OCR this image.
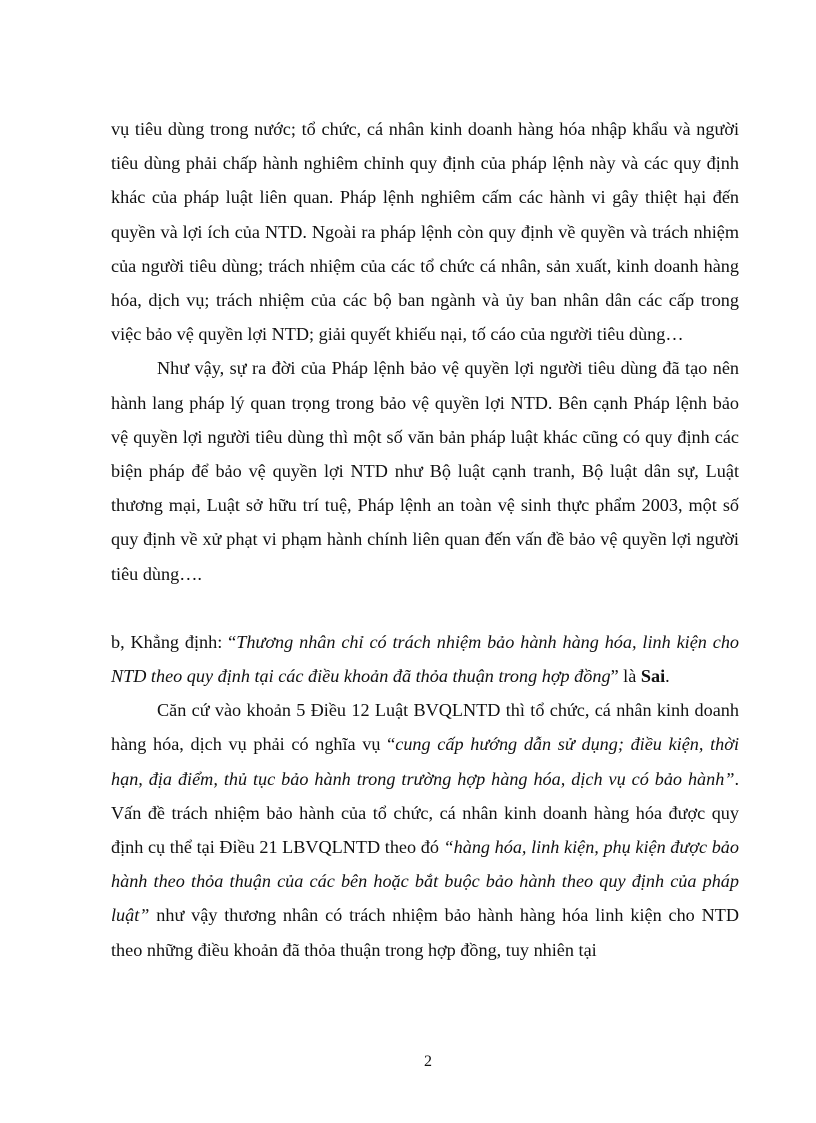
vụ tiêu dùng trong nước; tổ chức, cá nhân kinh doanh hàng hóa nhập khẩu và người tiêu dùng phải chấp hành nghiêm chỉnh quy định của pháp lệnh này và các quy định khác của pháp luật liên quan. Pháp lệnh nghiêm cấm các hành vi gây thiệt hại đến quyền và lợi ích của NTD. Ngoài ra pháp lệnh còn quy định về quyền và trách nhiệm của người tiêu dùng; trách nhiệm của các tổ chức cá nhân, sản xuất, kinh doanh hàng hóa, dịch vụ; trách nhiệm của các bộ ban ngành và ủy ban nhân dân các cấp trong việc bảo vệ quyền lợi NTD; giải quyết khiếu nại, tố cáo của người tiêu dùng…

Như vậy, sự ra đời của Pháp lệnh bảo vệ quyền lợi người tiêu dùng đã tạo nên hành lang pháp lý quan trọng trong bảo vệ quyền lợi NTD. Bên cạnh Pháp lệnh bảo vệ quyền lợi người tiêu dùng thì một số văn bản pháp luật khác cũng có quy định các biện pháp để bảo vệ quyền lợi NTD như Bộ luật cạnh tranh, Bộ luật dân sự, Luật thương mại, Luật sở hữu trí tuệ, Pháp lệnh an toàn vệ sinh thực phẩm 2003, một số quy định về xử phạt vi phạm hành chính liên quan đến vấn đề bảo vệ quyền lợi người tiêu dùng….

b, Khẳng định: “Thương nhân chỉ có trách nhiệm bảo hành hàng hóa, linh kiện cho NTD theo quy định tại các điều khoản đã thỏa thuận trong hợp đồng” là Sai.

Căn cứ vào khoản 5 Điều 12 Luật BVQLNTD thì tổ chức, cá nhân kinh doanh hàng hóa, dịch vụ phải có nghĩa vụ “cung cấp hướng dẫn sử dụng; điều kiện, thời hạn, địa điểm, thủ tục bảo hành trong trường hợp hàng hóa, dịch vụ có bảo hành”. Vấn đề trách nhiệm bảo hành của tổ chức, cá nhân kinh doanh hàng hóa được quy định cụ thể tại Điều 21 LBVQLNTD theo đó “hàng hóa, linh kiện, phụ kiện được bảo hành theo thỏa thuận của các bên hoặc bắt buộc bảo hành theo quy định của pháp luật” như vậy thương nhân có trách nhiệm bảo hành hàng hóa linh kiện cho NTD theo những điều khoản đã thỏa thuận trong hợp đồng, tuy nhiên tại

2
